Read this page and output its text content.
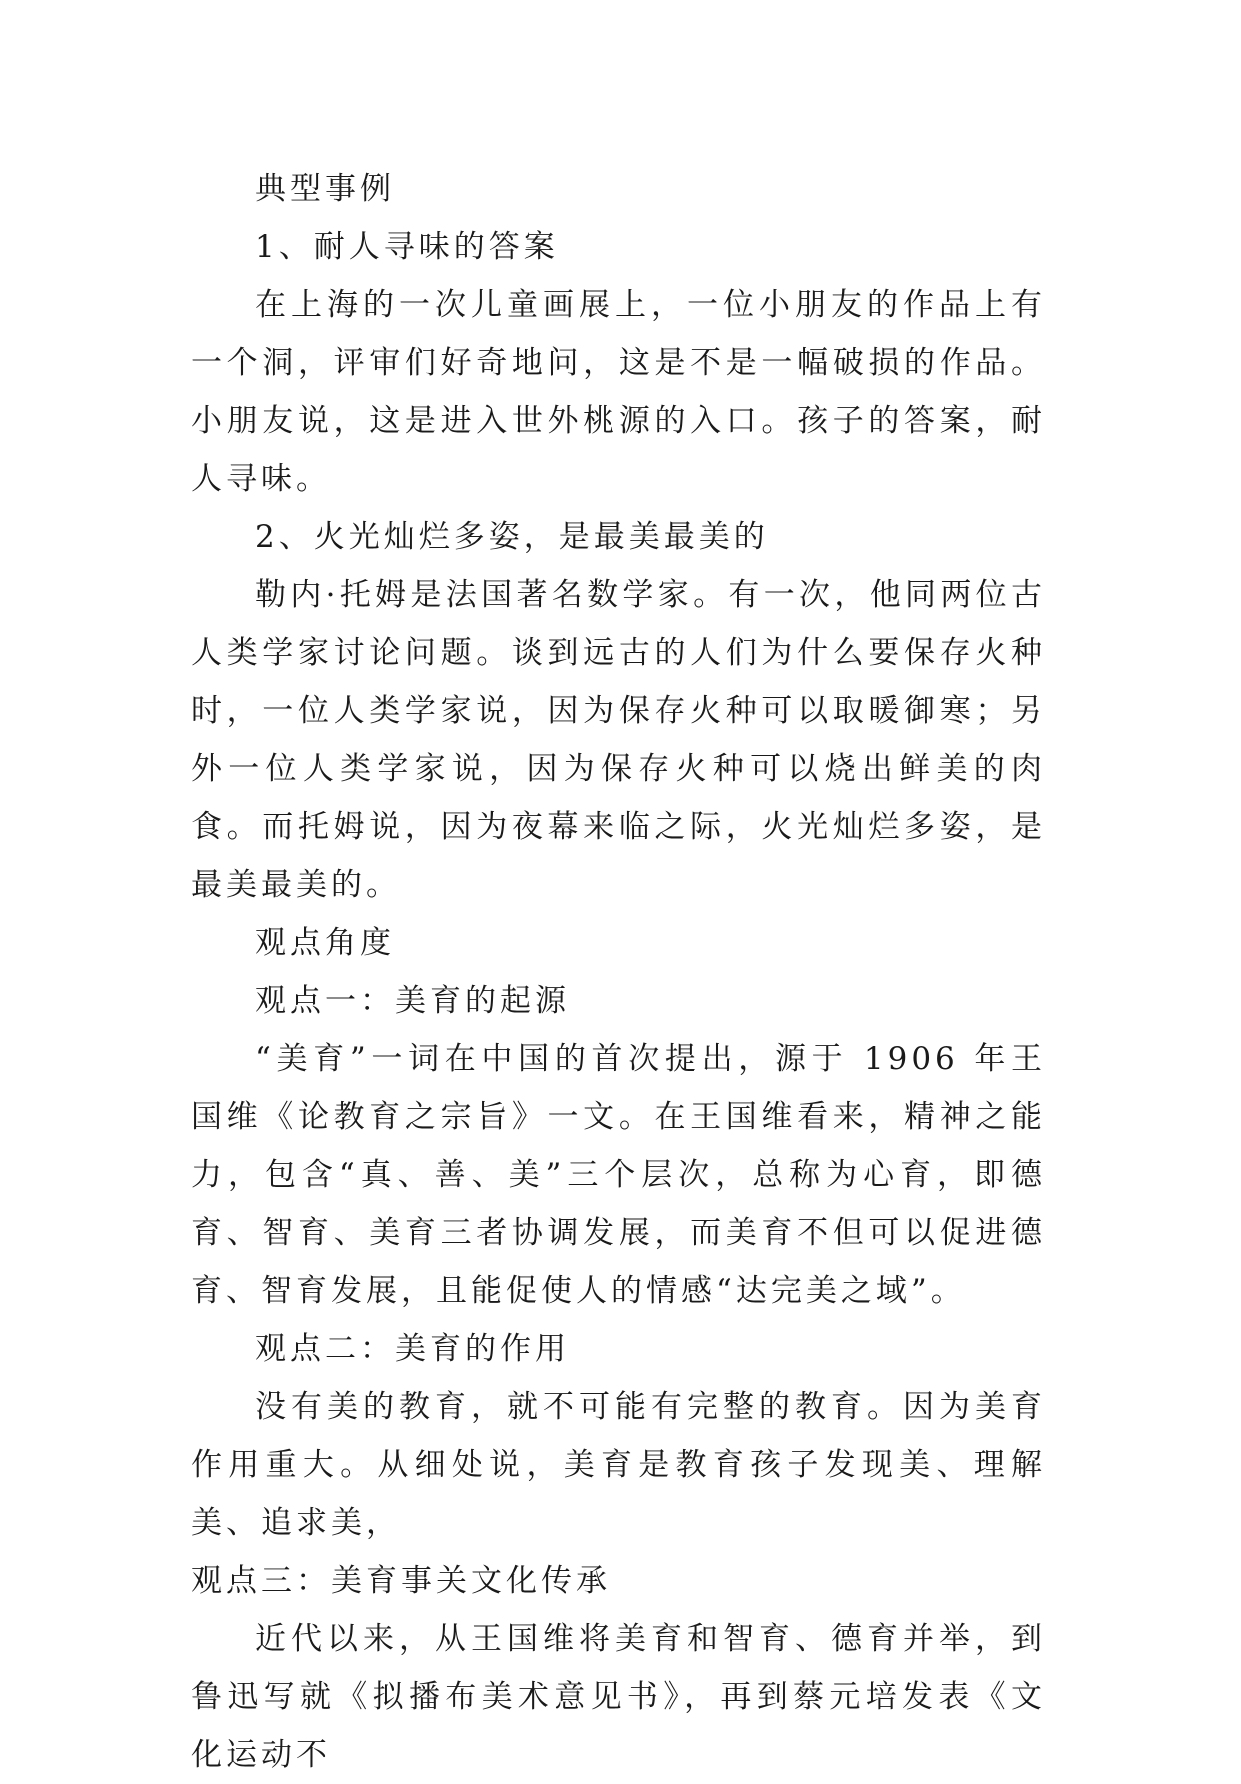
典型事例

1、耐人寻味的答案

在上海的一次儿童画展上，一位小朋友的作品上有一个洞，评审们好奇地问，这是不是一幅破损的作品。小朋友说，这是进入世外桃源的入口。孩子的答案，耐人寻味。

2、火光灿烂多姿，是最美最美的

勒内·托姆是法国著名数学家。有一次，他同两位古人类学家讨论问题。谈到远古的人们为什么要保存火种时，一位人类学家说，因为保存火种可以取暖御寒；另外一位人类学家说，因为保存火种可以烧出鲜美的肉食。而托姆说，因为夜幕来临之际，火光灿烂多姿，是最美最美的。

观点角度

观点一：美育的起源

“美育”一词在中国的首次提出，源于 1906 年王国维《论教育之宗旨》一文。在王国维看来，精神之能力，包含“真、善、美”三个层次，总称为心育，即德育、智育、美育三者协调发展，而美育不但可以促进德育、智育发展，且能促使人的情感“达完美之域”。

观点二：美育的作用

没有美的教育，就不可能有完整的教育。因为美育作用重大。从细处说，美育是教育孩子发现美、理解美、追求美，

观点三：美育事关文化传承

近代以来，从王国维将美育和智育、德育并举，到鲁迅写就《拟播布美术意见书》，再到蔡元培发表《文化运动不
